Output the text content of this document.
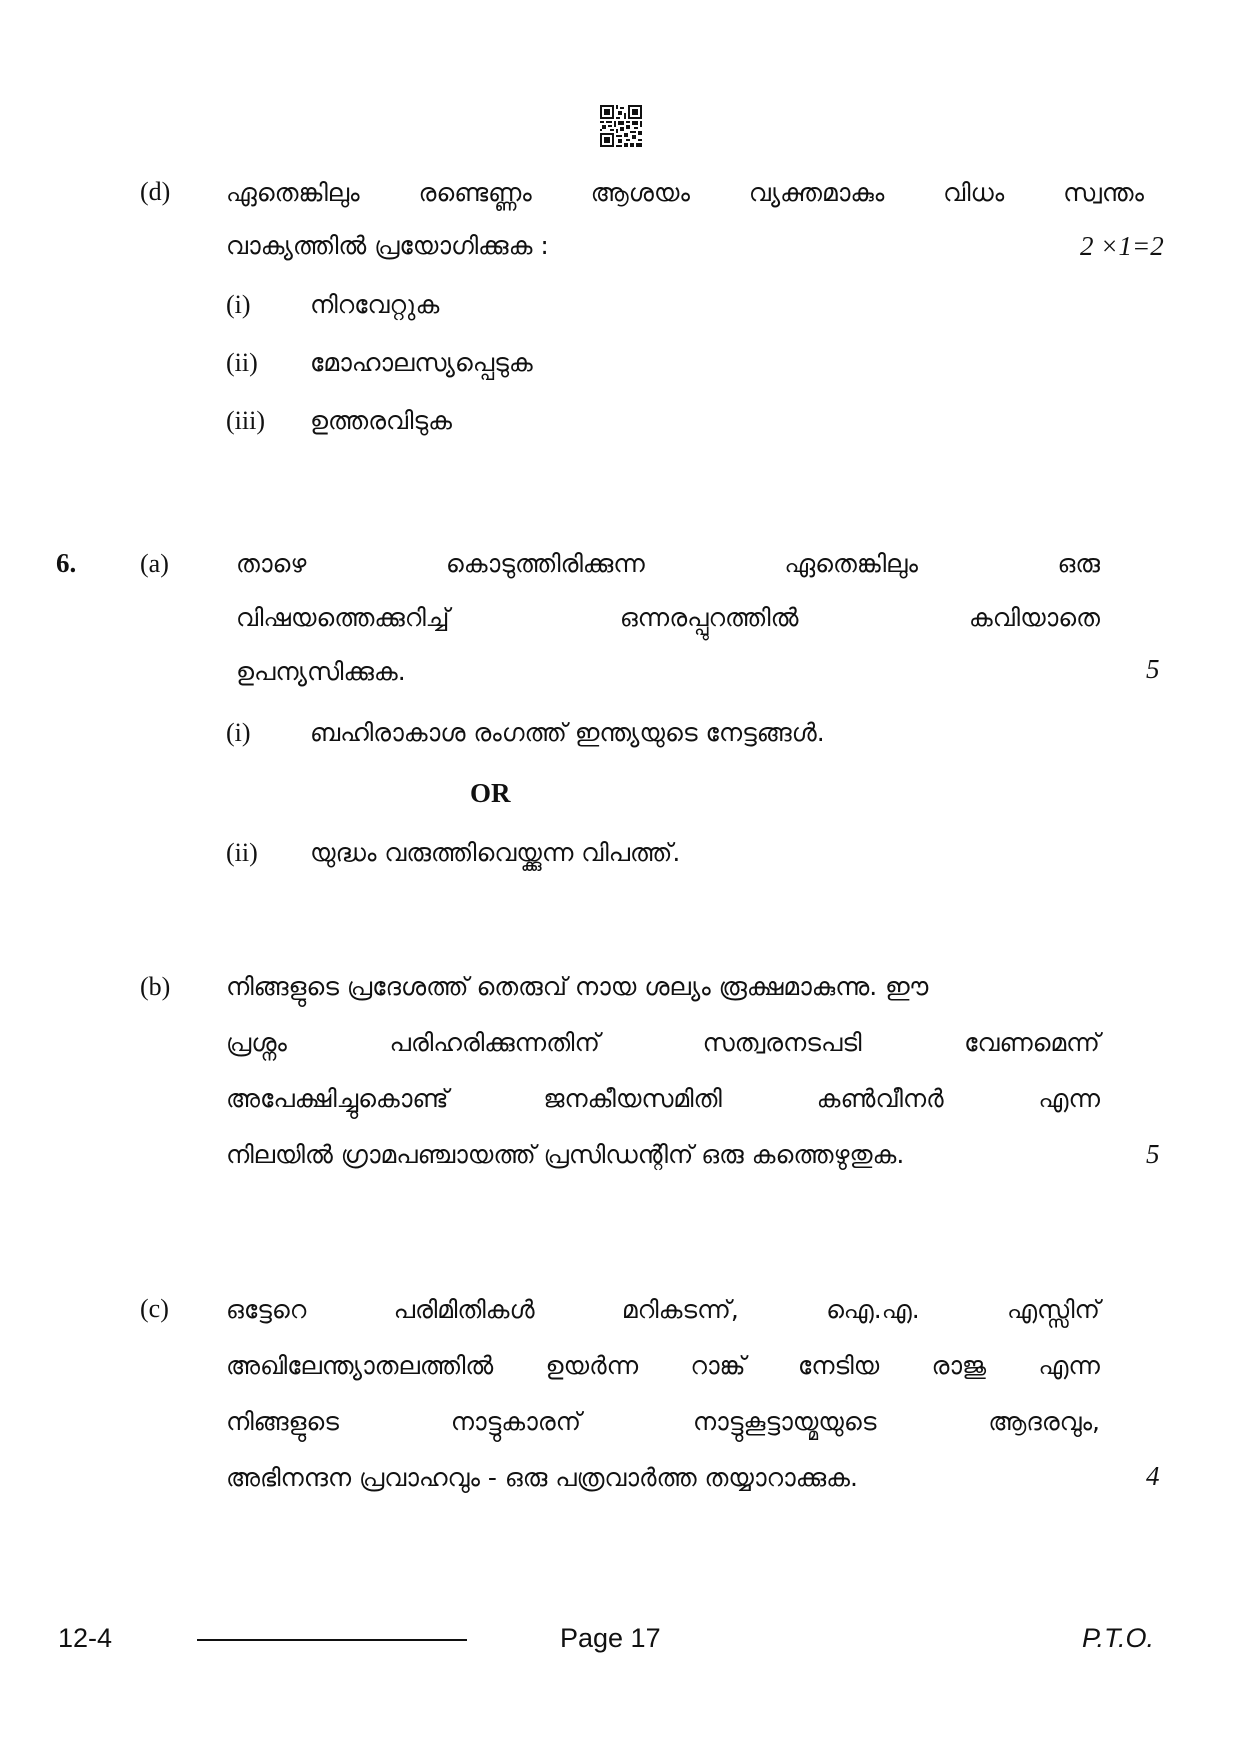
(d) ഏതെങ്കിലും രണ്ടെണ്ണം ആശയം വ്യക്തമാകും വിധം സ്വന്തം
വാക്യത്തിൽ പ്രയോഗിക്കുക :	2 ×1=2
(i) നിറവേറ്റുക
(ii) മോഹാലസ്യപ്പെടുക
(iii) ഉത്തരവിടുക
6. (a)	താഴെ	കൊടുത്തിരിക്കുന്ന	ഏതെങ്കിലും	ഒരു
വിഷയത്തെക്കുറിച്ച്	ഒന്നരപ്പുറത്തിൽ	കവിയാതെ
ഉപന്യസിക്കുക.	5
(i) ബഹിരാകാശ രംഗത്ത് ഇന്ത്യയുടെ നേട്ടങ്ങൾ.
OR
(ii) യുദ്ധം വരുത്തിവെയ്ക്കുന്ന വിപത്ത്.
(b) നിങ്ങളുടെ പ്രദേശത്ത് തെരുവ് നായ ശല്യം രൂക്ഷമാകുന്നു. ഈ
പ്രശ്നം	പരിഹരിക്കുന്നതിന്	സത്വരനടപടി	വേണമെന്ന്
അപേക്ഷിച്ചുകൊണ്ട്	ജനകീയസമിതി	കൺവീനർ	എന്ന
നിലയിൽ ഗ്രാമപഞ്ചായത്ത് പ്രസിഡന്റിന് ഒരു കത്തെഴുതുക.	5
(c) ഒട്ടേറെ	പരിമിതികൾ	മറികടന്ന്,	ഐ.എ.	എസ്സിന്
അഖിലേന്ത്യാതലത്തിൽ ഉയർന്ന റാങ്ക് നേടിയ രാജു എന്ന
നിങ്ങളുടെ	നാട്ടുകാരന്	നാട്ടുകൂട്ടായ്മയുടെ	ആദരവും,
അഭിനന്ദന പ്രവാഹവും - ഒരു പത്രവാർത്ത തയ്യാറാക്കുക.	4
12-4	Page 17	P.T.O.
